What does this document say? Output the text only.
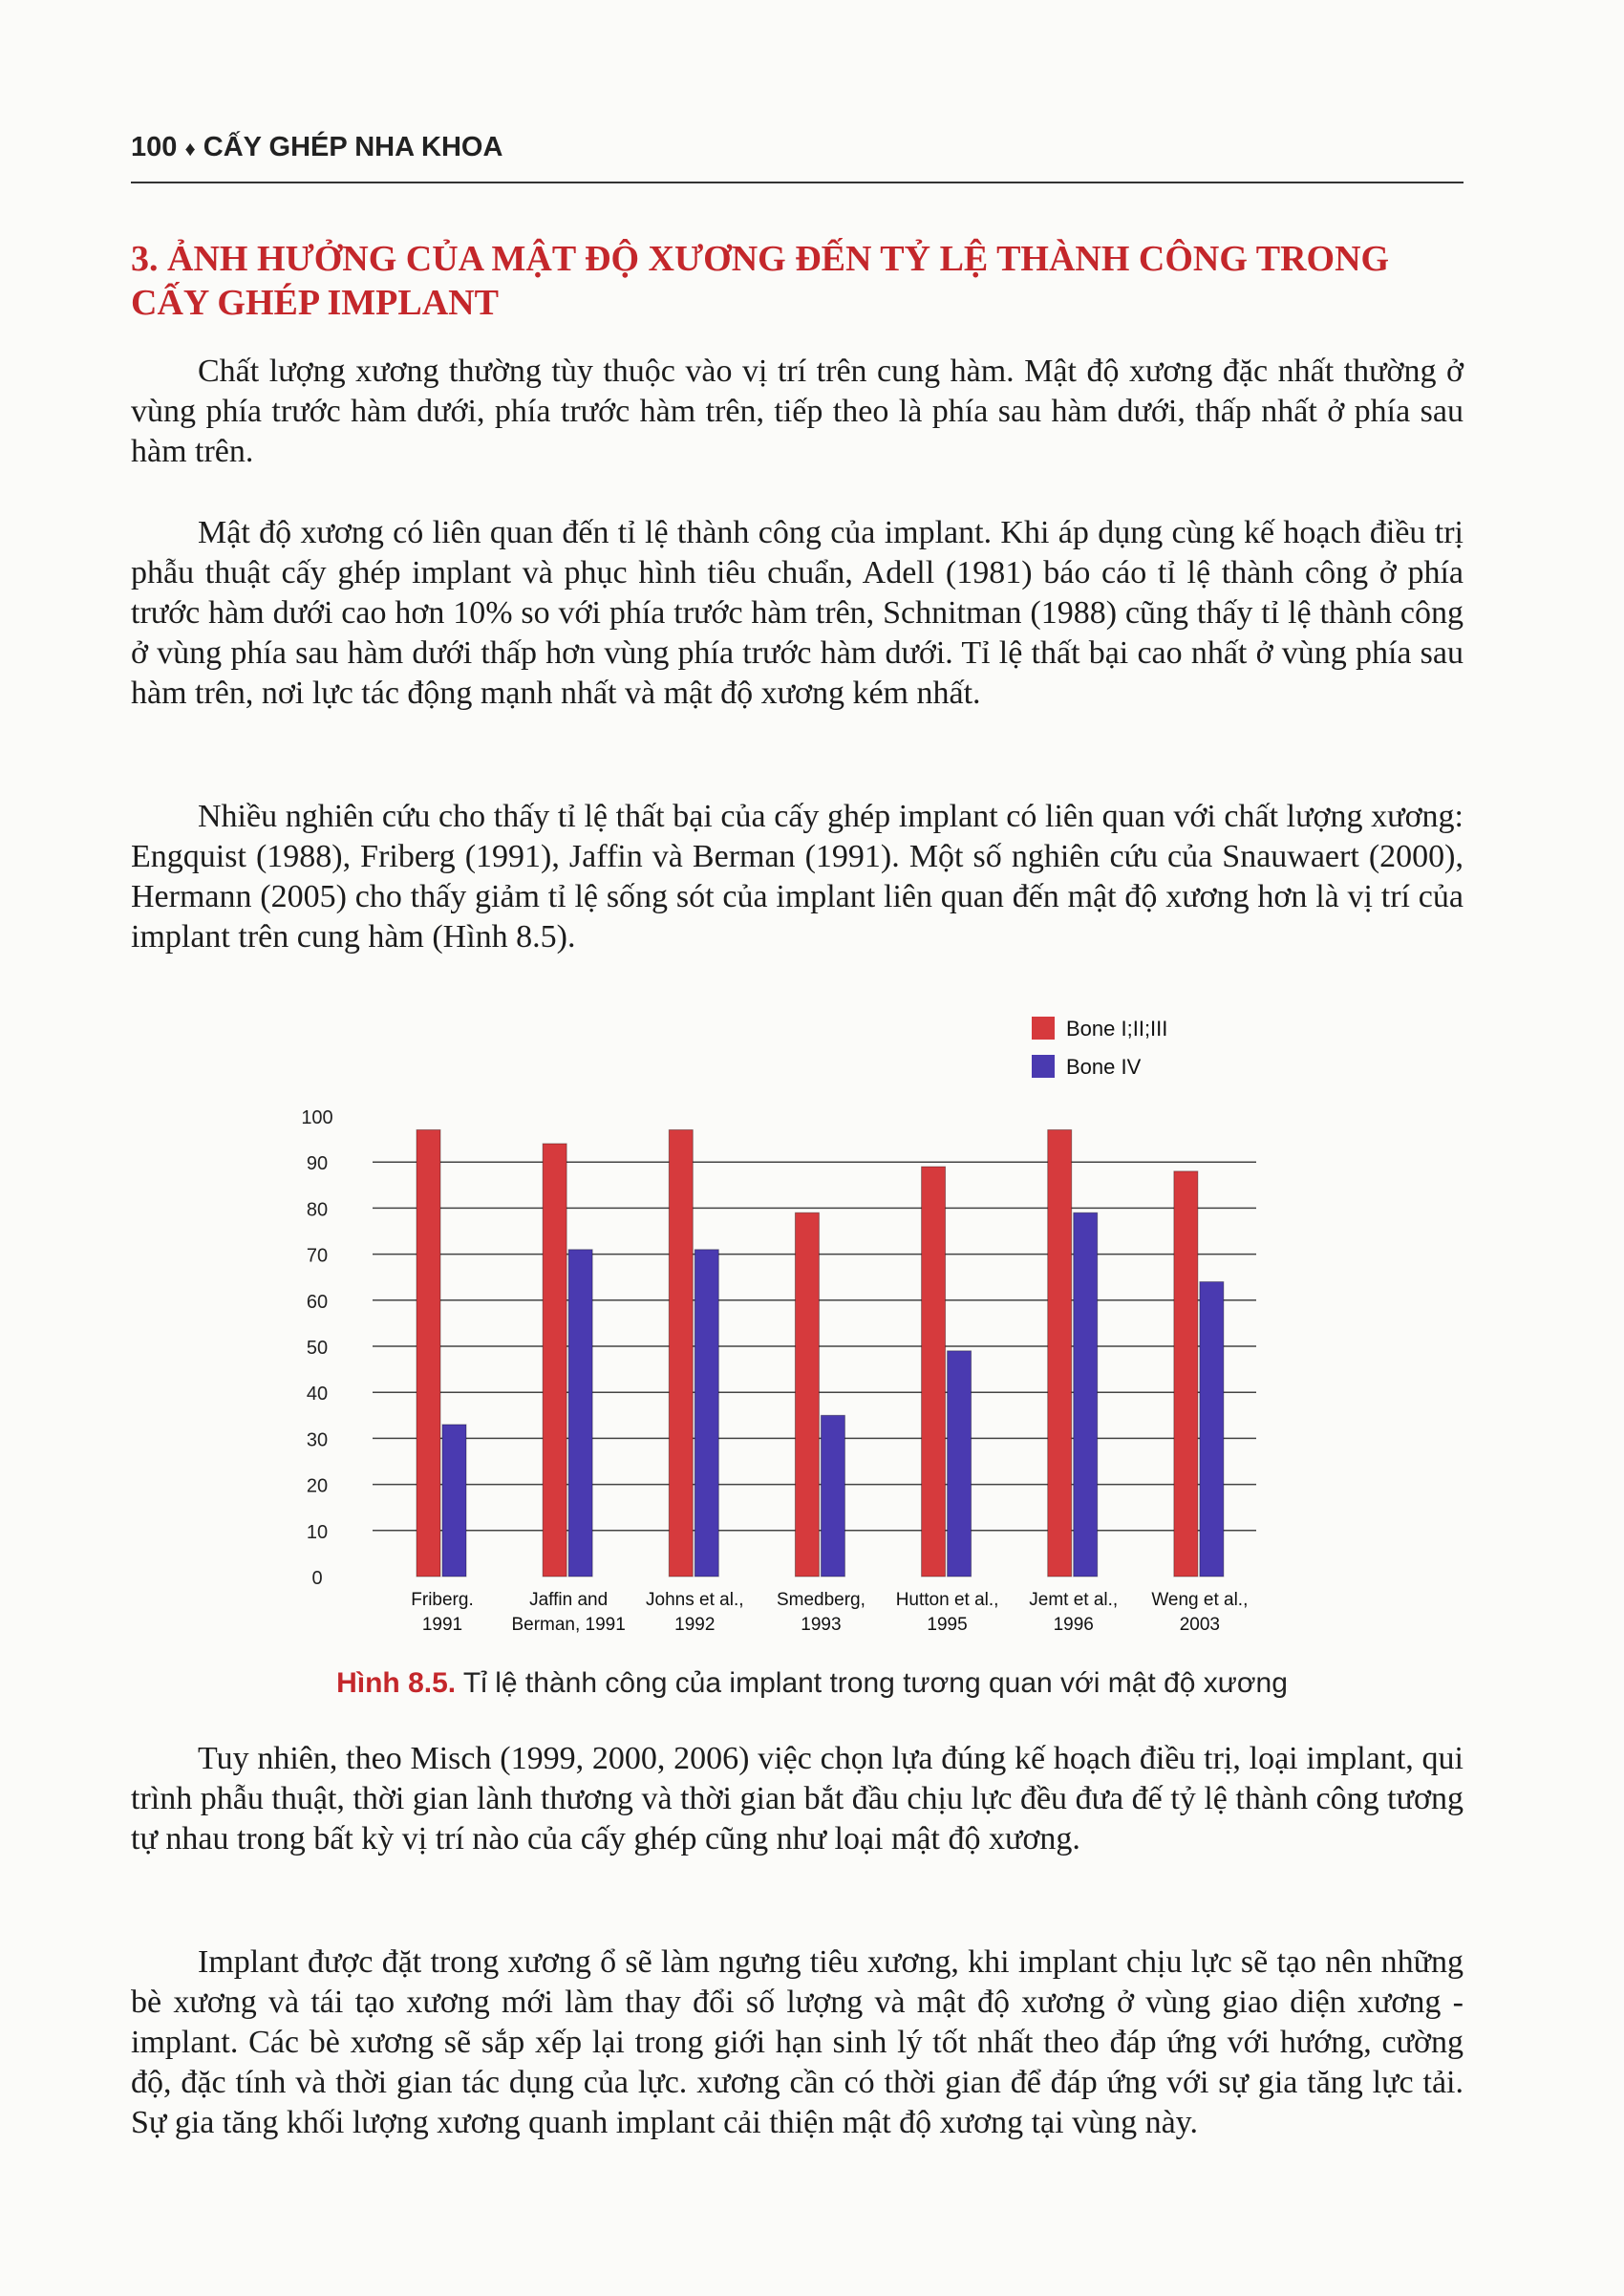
100 ♦ CẤY GHÉP NHA KHOA
3. ẢNH HƯỞNG CỦA MẬT ĐỘ XƯƠNG ĐẾN TỶ LỆ THÀNH CÔNG TRONG CẤY GHÉP IMPLANT

Chất lượng xương thường tùy thuộc vào vị trí trên cung hàm. Mật độ xương đặc nhất thường ở vùng phía trước hàm dưới, phía trước hàm trên, tiếp theo là phía sau hàm dưới, thấp nhất ở phía sau hàm trên.

Mật độ xương có liên quan đến tỉ lệ thành công của implant. Khi áp dụng cùng kế hoạch điều trị phẫu thuật cấy ghép implant và phục hình tiêu chuẩn, Adell (1981) báo cáo tỉ lệ thành công ở phía trước hàm dưới cao hơn 10% so với phía trước hàm trên, Schnitman (1988) cũng thấy tỉ lệ thành công ở vùng phía sau hàm dưới thấp hơn vùng phía trước hàm dưới. Tỉ lệ thất bại cao nhất ở vùng phía sau hàm trên, nơi lực tác động mạnh nhất và mật độ xương kém nhất.

Nhiều nghiên cứu cho thấy tỉ lệ thất bại của cấy ghép implant có liên quan với chất lượng xương: Engquist (1988), Friberg (1991), Jaffin và Berman (1991). Một số nghiên cứu của Snauwaert (2000), Hermann (2005) cho thấy giảm tỉ lệ sống sót của implant liên quan đến mật độ xương hơn là vị trí của implant trên cung hàm (Hình 8.5).

0
10
20
30
40
50
60
70
80
90
100
Friberg.
1991
Jaffin and
Berman, 1991
Johns et al.,
1992
Smedberg,
1993
Hutton et al.,
1995
Jemt et al.,
1996
Weng et al.,
2003
Bone I;II;III
Bone IV
Hình 8.5. Tỉ lệ thành công của implant trong tương quan với mật độ xương

Tuy nhiên, theo Misch (1999, 2000, 2006) việc chọn lựa đúng kế hoạch điều trị, loại implant, qui trình phẫu thuật, thời gian lành thương và thời gian bắt đầu chịu lực đều đưa đế tỷ lệ thành công tương tự nhau trong bất kỳ vị trí nào của cấy ghép cũng như loại mật độ xương.

Implant được đặt trong xương ổ sẽ làm ngưng tiêu xương, khi implant chịu lực sẽ tạo nên những bè xương và tái tạo xương mới làm thay đổi số lượng và mật độ xương ở vùng giao diện xương - implant. Các bè xương sẽ sắp xếp lại trong giới hạn sinh lý tốt nhất theo đáp ứng với hướng, cường độ, đặc tính và thời gian tác dụng của lực. xương cần có thời gian để đáp ứng với sự gia tăng lực tải. Sự gia tăng khối lượng xương quanh implant cải thiện mật độ xương tại vùng này.
